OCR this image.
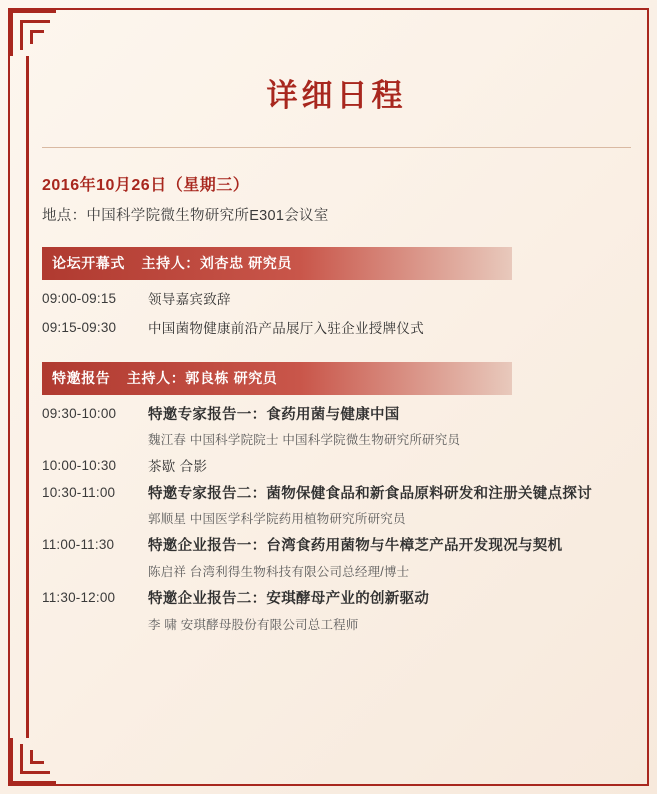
详细日程
2016年10月26日（星期三）
地点：中国科学院微生物研究所E301会议室
论坛开幕式 主持人：刘杏忠 研究员
09:00-09:15	领导嘉宾致辞
09:15-09:30	中国菌物健康前沿产品展厅入驻企业授牌仪式
特邀报告 主持人：郭良栋 研究员
09:30-10:00	特邀专家报告一：食药用菌与健康中国
魏江春 中国科学院院士 中国科学院微生物研究所研究员
10:00-10:30	茶歇 合影
10:30-11:00	特邀专家报告二：菌物保健食品和新食品原料研发和注册关键点探讨
郭顺星 中国医学科学院药用植物研究所研究员
11:00-11:30	特邀企业报告一：台湾食药用菌物与牛樟芝产品开发现况与契机
陈启祥 台湾利得生物科技有限公司总经理/博士
11:30-12:00	特邀企业报告二：安琪酵母产业的创新驱动
李 啸 安琪酵母股份有限公司总工程师
